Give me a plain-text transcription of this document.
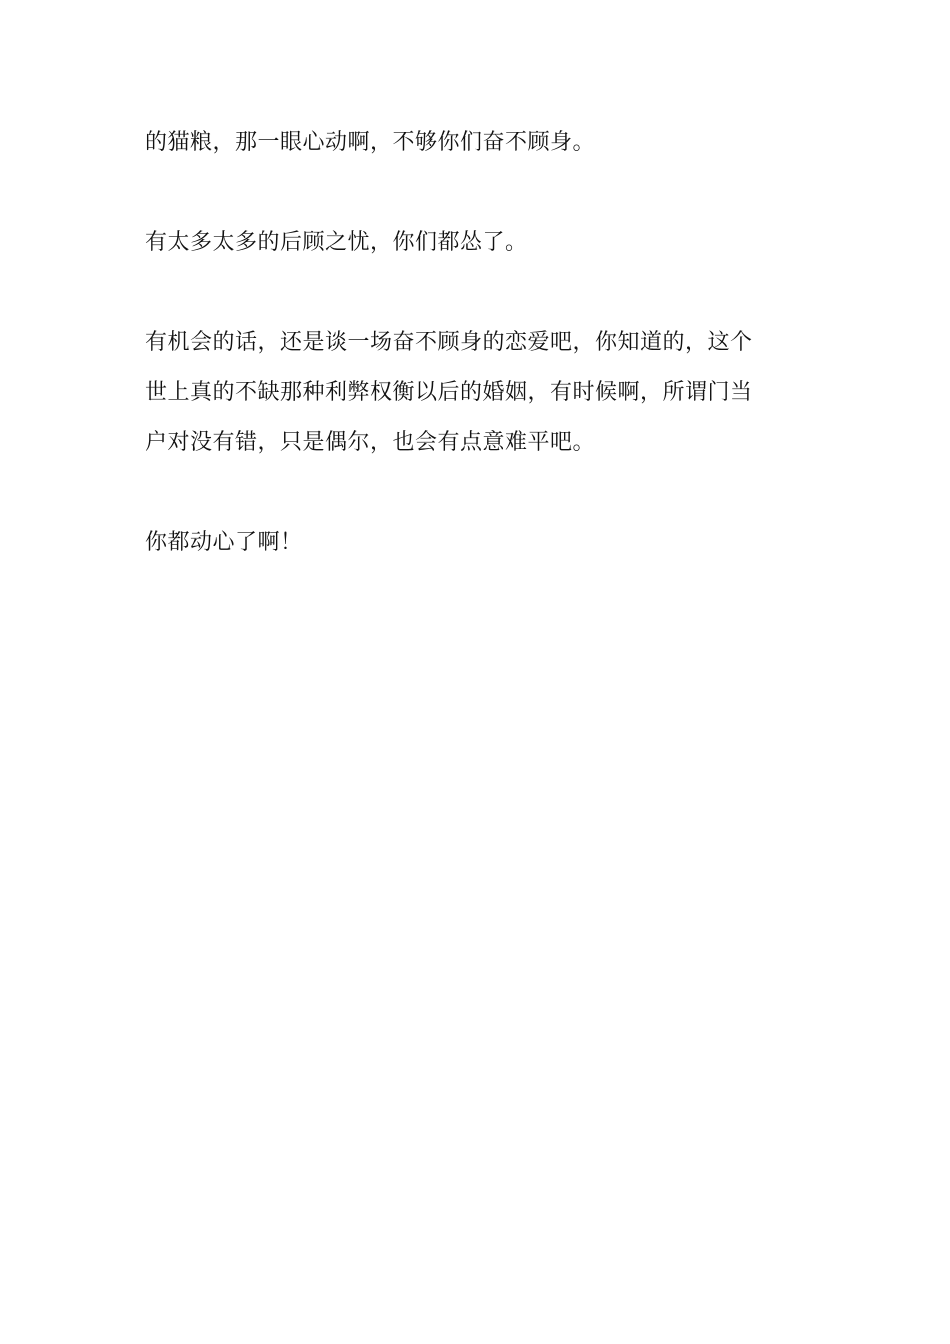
的猫粮，那一眼心动啊，不够你们奋不顾身。

有太多太多的后顾之忧，你们都怂了。

有机会的话，还是谈一场奋不顾身的恋爱吧，你知道的，这个
世上真的不缺那种利弊权衡以后的婚姻，有时候啊，所谓门当
户对没有错，只是偶尔，也会有点意难平吧。

你都动心了啊！
